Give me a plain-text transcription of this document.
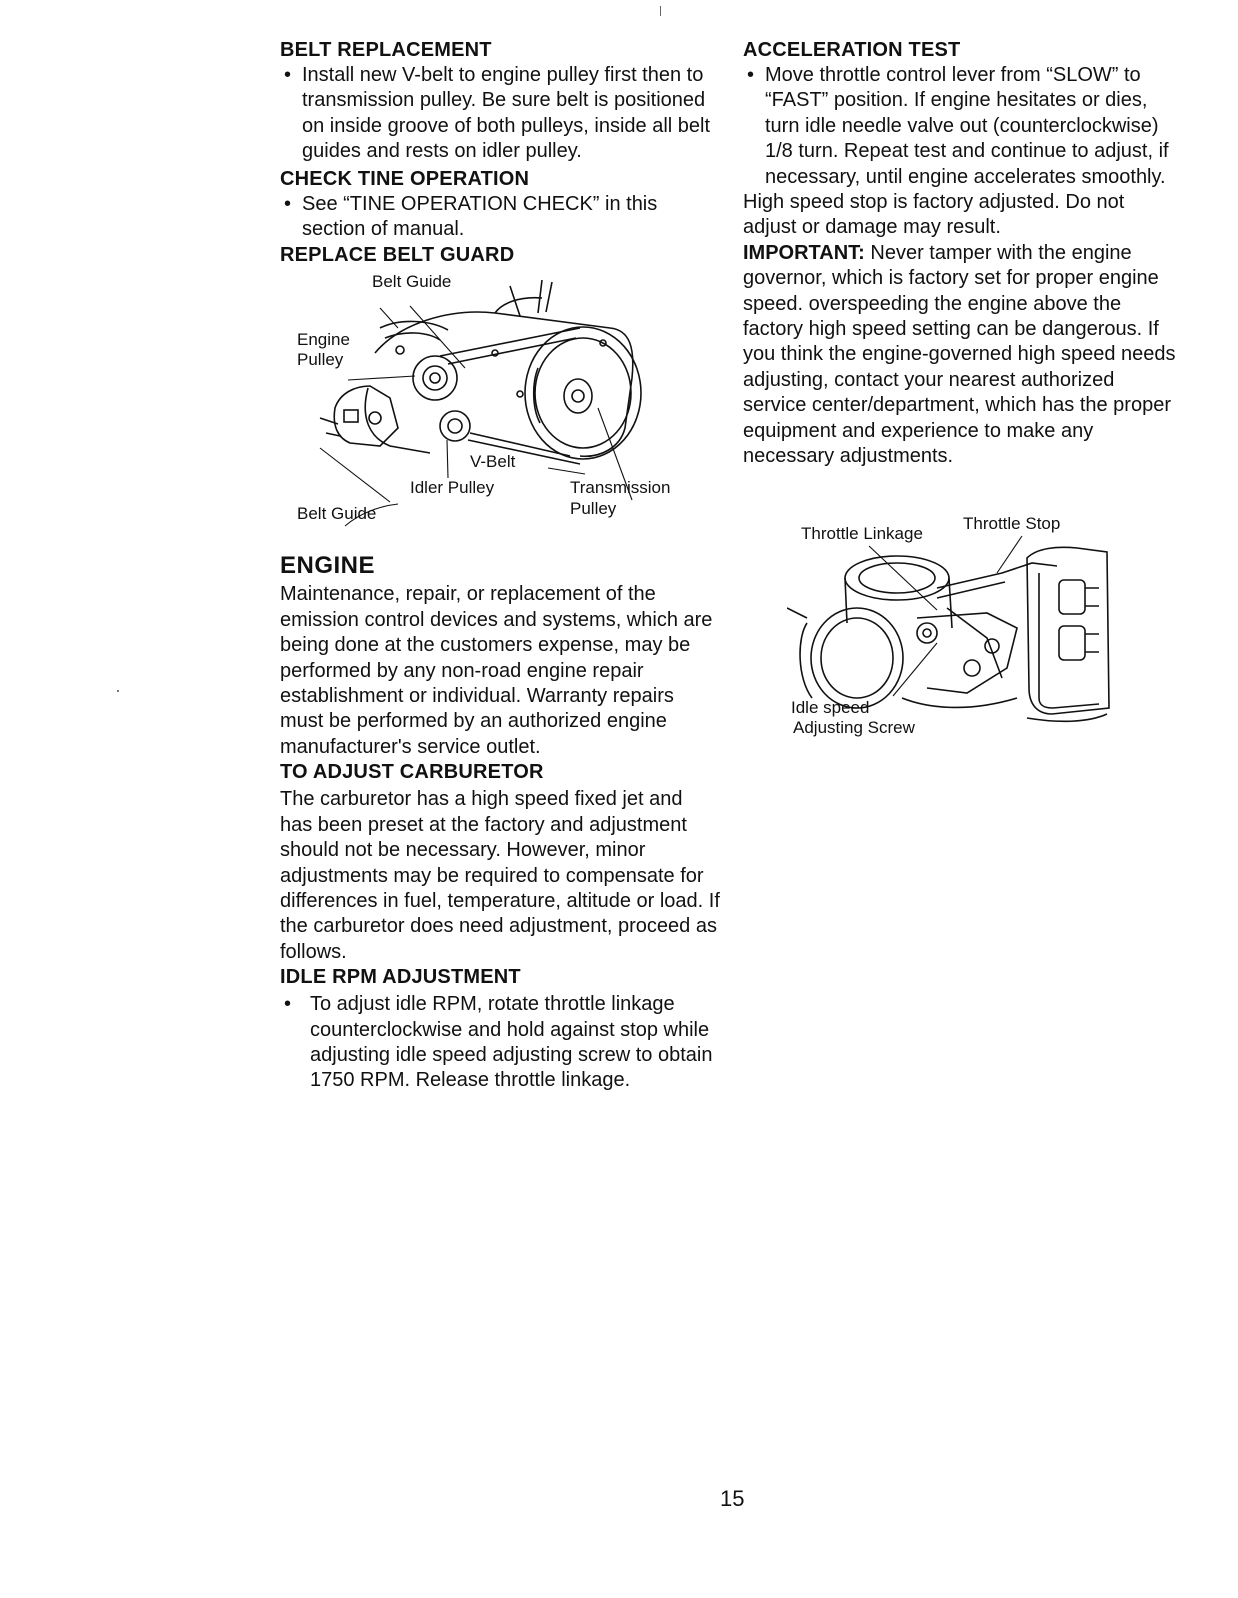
BELT REPLACEMENT

• Install new V-belt to engine pulley first then to transmission pulley. Be sure belt is positioned on inside groove of both pulleys, inside all belt guides and rests on idler pulley.

CHECK TINE OPERATION

• See “TINE OPERATION CHECK” in this section of manual.

REPLACE BELT GUARD
Belt Guide
Engine
Pulley
V-Belt
Idler Pulley	Transmission
Pulley
Belt Guide
ENGINE

Maintenance, repair, or replacement of the emission control devices and systems, which are being done at the customers expense, may be performed by any non-road engine repair establishment or individual. Warranty repairs must be performed by an authorized engine manufacturer's service outlet.

TO ADJUST CARBURETOR

The carburetor has a high speed fixed jet and has been preset at the factory and adjustment should not be necessary. However, minor adjustments may be required to compensate for differences in fuel, temperature, altitude or load. If the carburetor does need adjustment, proceed as follows.

IDLE RPM ADJUSTMENT

• To adjust idle RPM, rotate throttle linkage counterclockwise and hold against stop while adjusting idle speed adjusting screw to obtain 1750 RPM. Release throttle linkage.

ACCELERATION TEST

• Move throttle control lever from “SLOW” to “FAST” position. If engine hesitates or dies, turn idle needle valve out (counterclockwise) 1/8 turn. Repeat test and continue to adjust, if necessary, until engine accelerates smoothly.

High speed stop is factory adjusted. Do not adjust or damage may result.

IMPORTANT: Never tamper with the engine governor, which is factory set for proper engine speed. overspeeding the engine above the factory high speed setting can be dangerous. If you think the engine-governed high speed needs adjusting, contact your nearest authorized service center/department, which has the proper equipment and experience to make any necessary adjustments.

Throttle Linkage
Throttle Stop
Idle speed
Adjusting Screw
15
